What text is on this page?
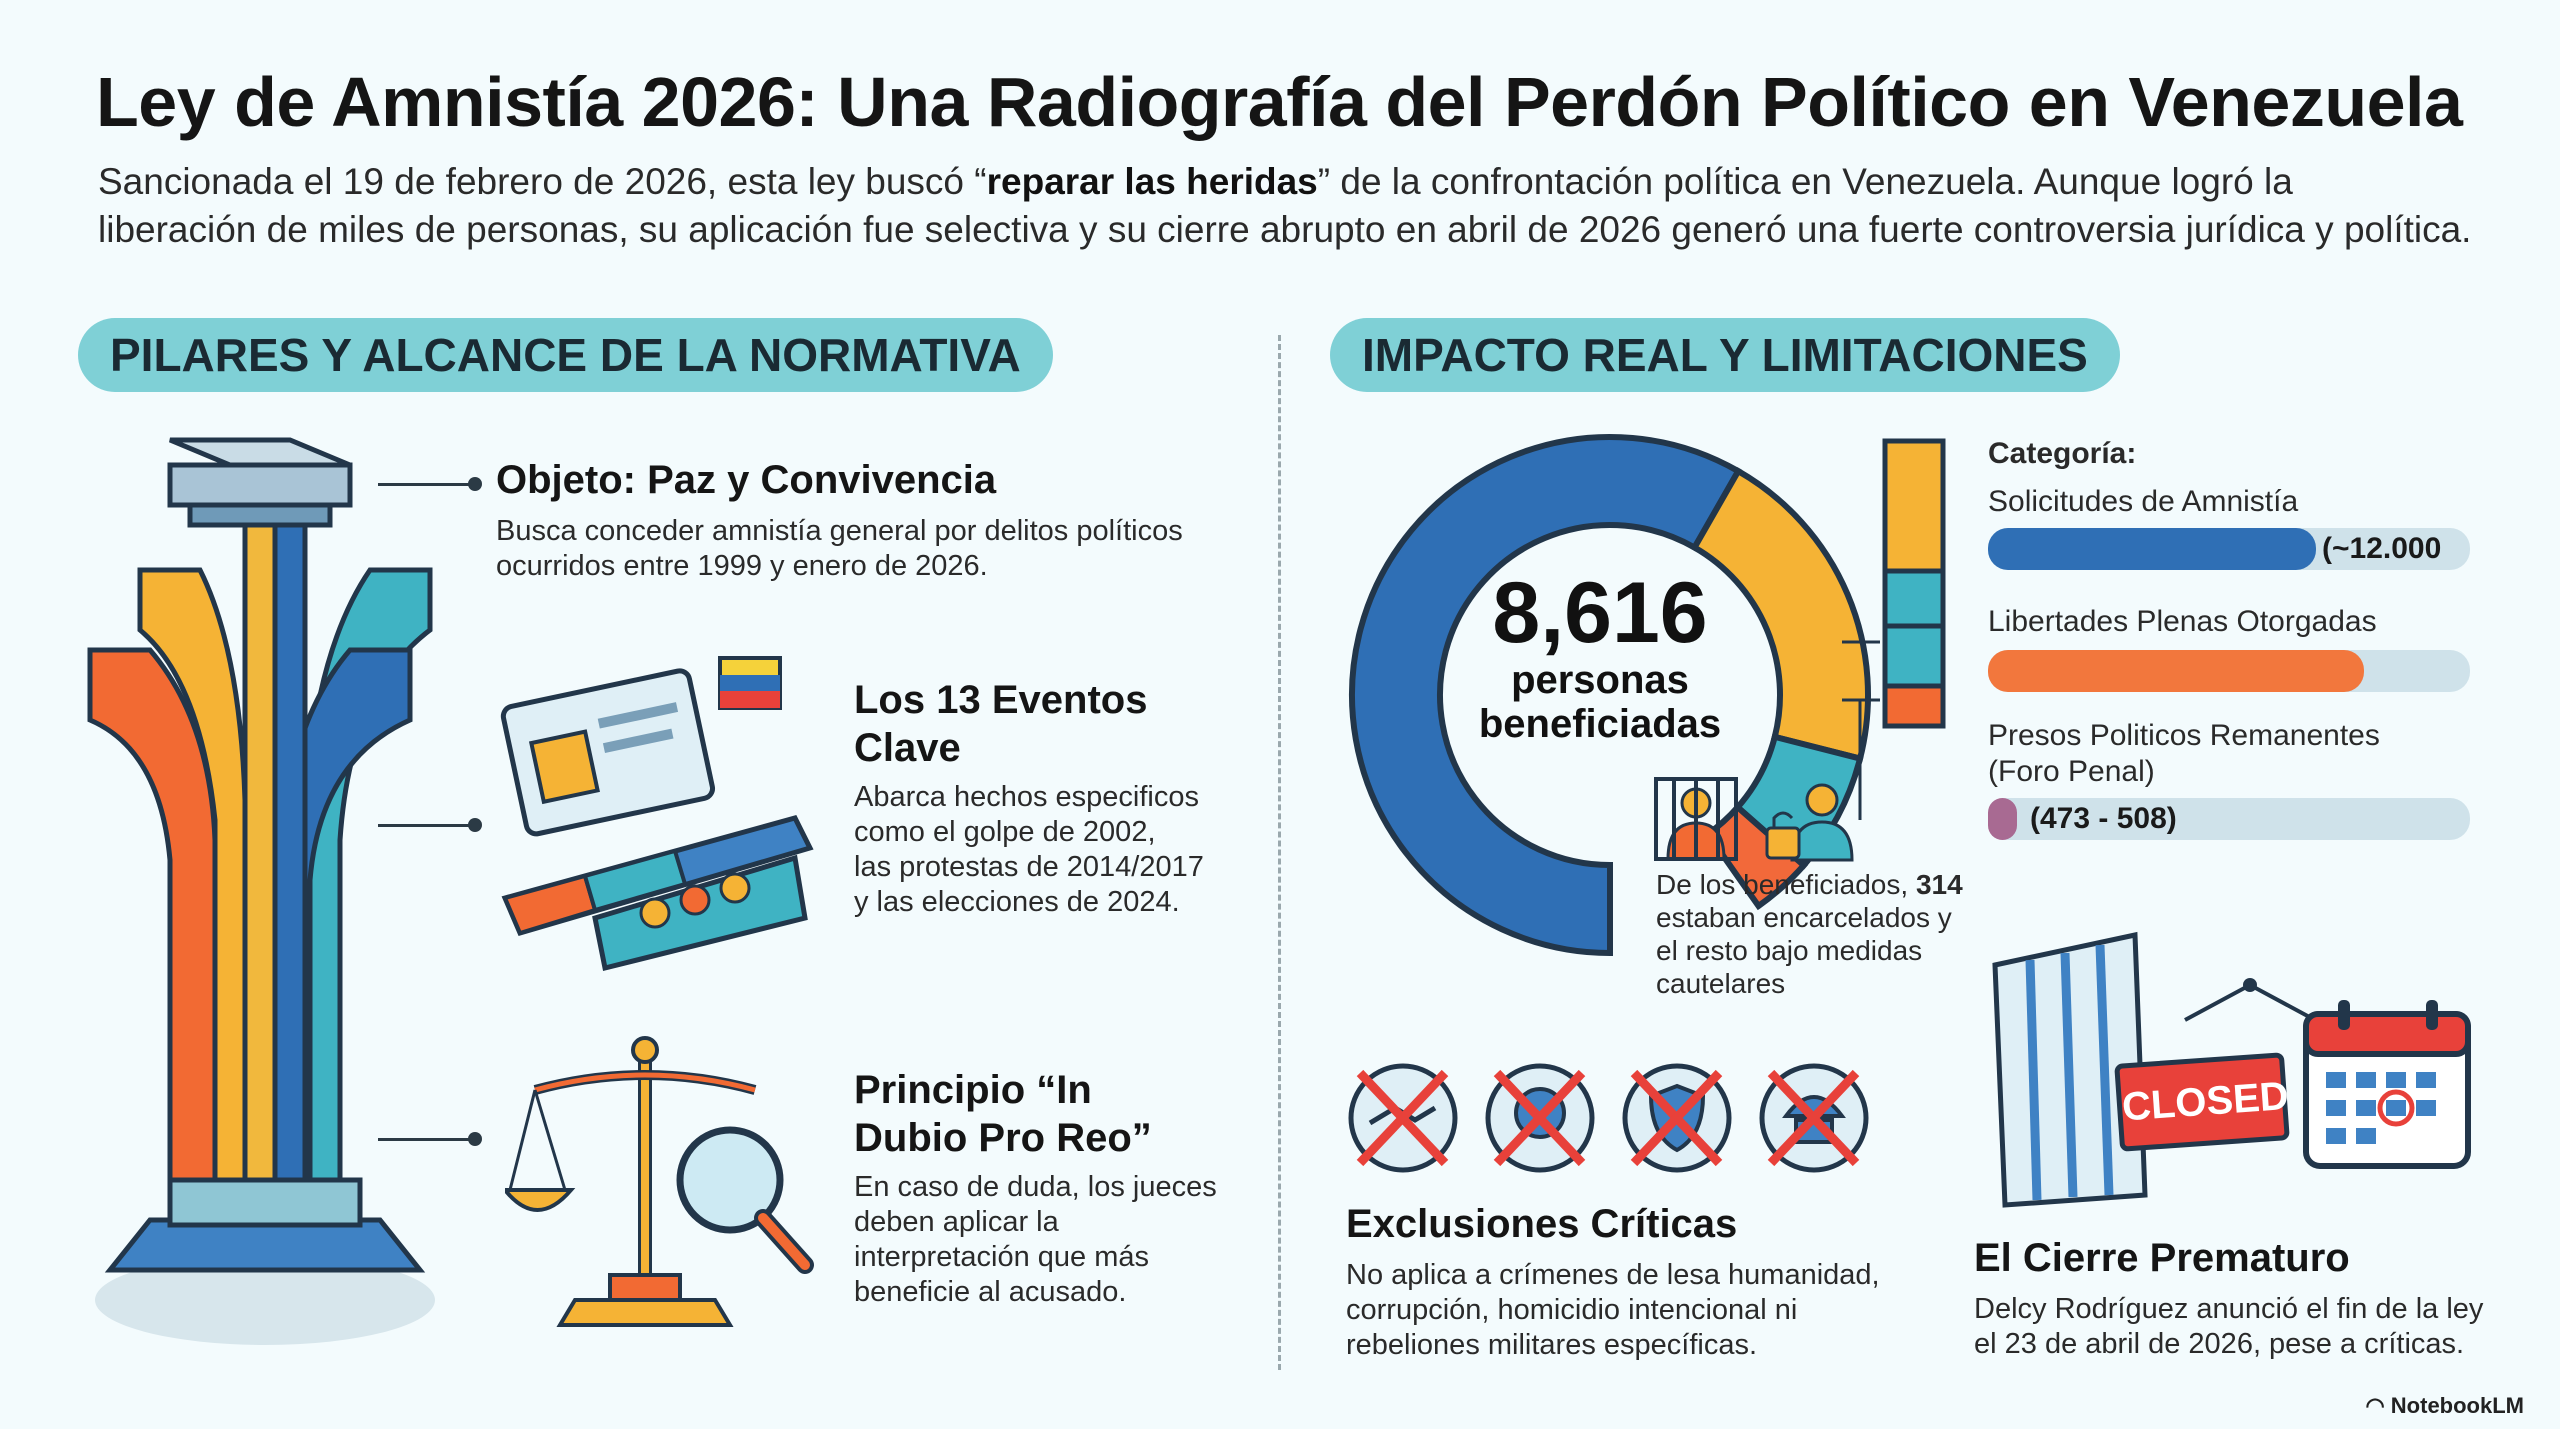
Ley de Amnistía 2026: Una Radiografía del Perdón Político en Venezuela
Sancionada el 19 de febrero de 2026, esta ley buscó “reparar las heridas” de la confrontación política en Venezuela. Aunque logró la
liberación de miles de personas, su aplicación fue selectiva y su cierre abrupto en abril de 2026 generó una fuerte controversia jurídica y política.
PILARES Y ALCANCE DE LA NORMATIVA	IMPACTO REAL Y LIMITACIONES
Objeto: Paz y Convivencia
Busca conceder amnistía general por delitos políticos
ocurridos entre 1999 y enero de 2026.
Los 13 Eventos
Clave
Abarca hechos especificos
como el golpe de 2002,
las protestas de 2014/2017
y las elecciones de 2024.
Principio “In
Dubio Pro Reo”
En caso de duda, los jueces
deben aplicar la
interpretación que más
beneficie al acusado.
8,616
personas
beneficiadas
De los beneficiados, 314
estaban encarcelados y
el resto bajo medidas
cautelares
Categoría:
Solicitudes de Amnistía
(~12.000
Libertades Plenas Otorgadas
Presos Politicos Remanentes
(Foro Penal)
(473 - 508)
Exclusiones Críticas
No aplica a crímenes de lesa humanidad,
corrupción, homicidio intencional ni
rebeliones militares específicas.
CLOSED
El Cierre Prematuro
Delcy Rodríguez anunció el fin de la ley
el 23 de abril de 2026, pese a críticas.
◠ NotebookLM
